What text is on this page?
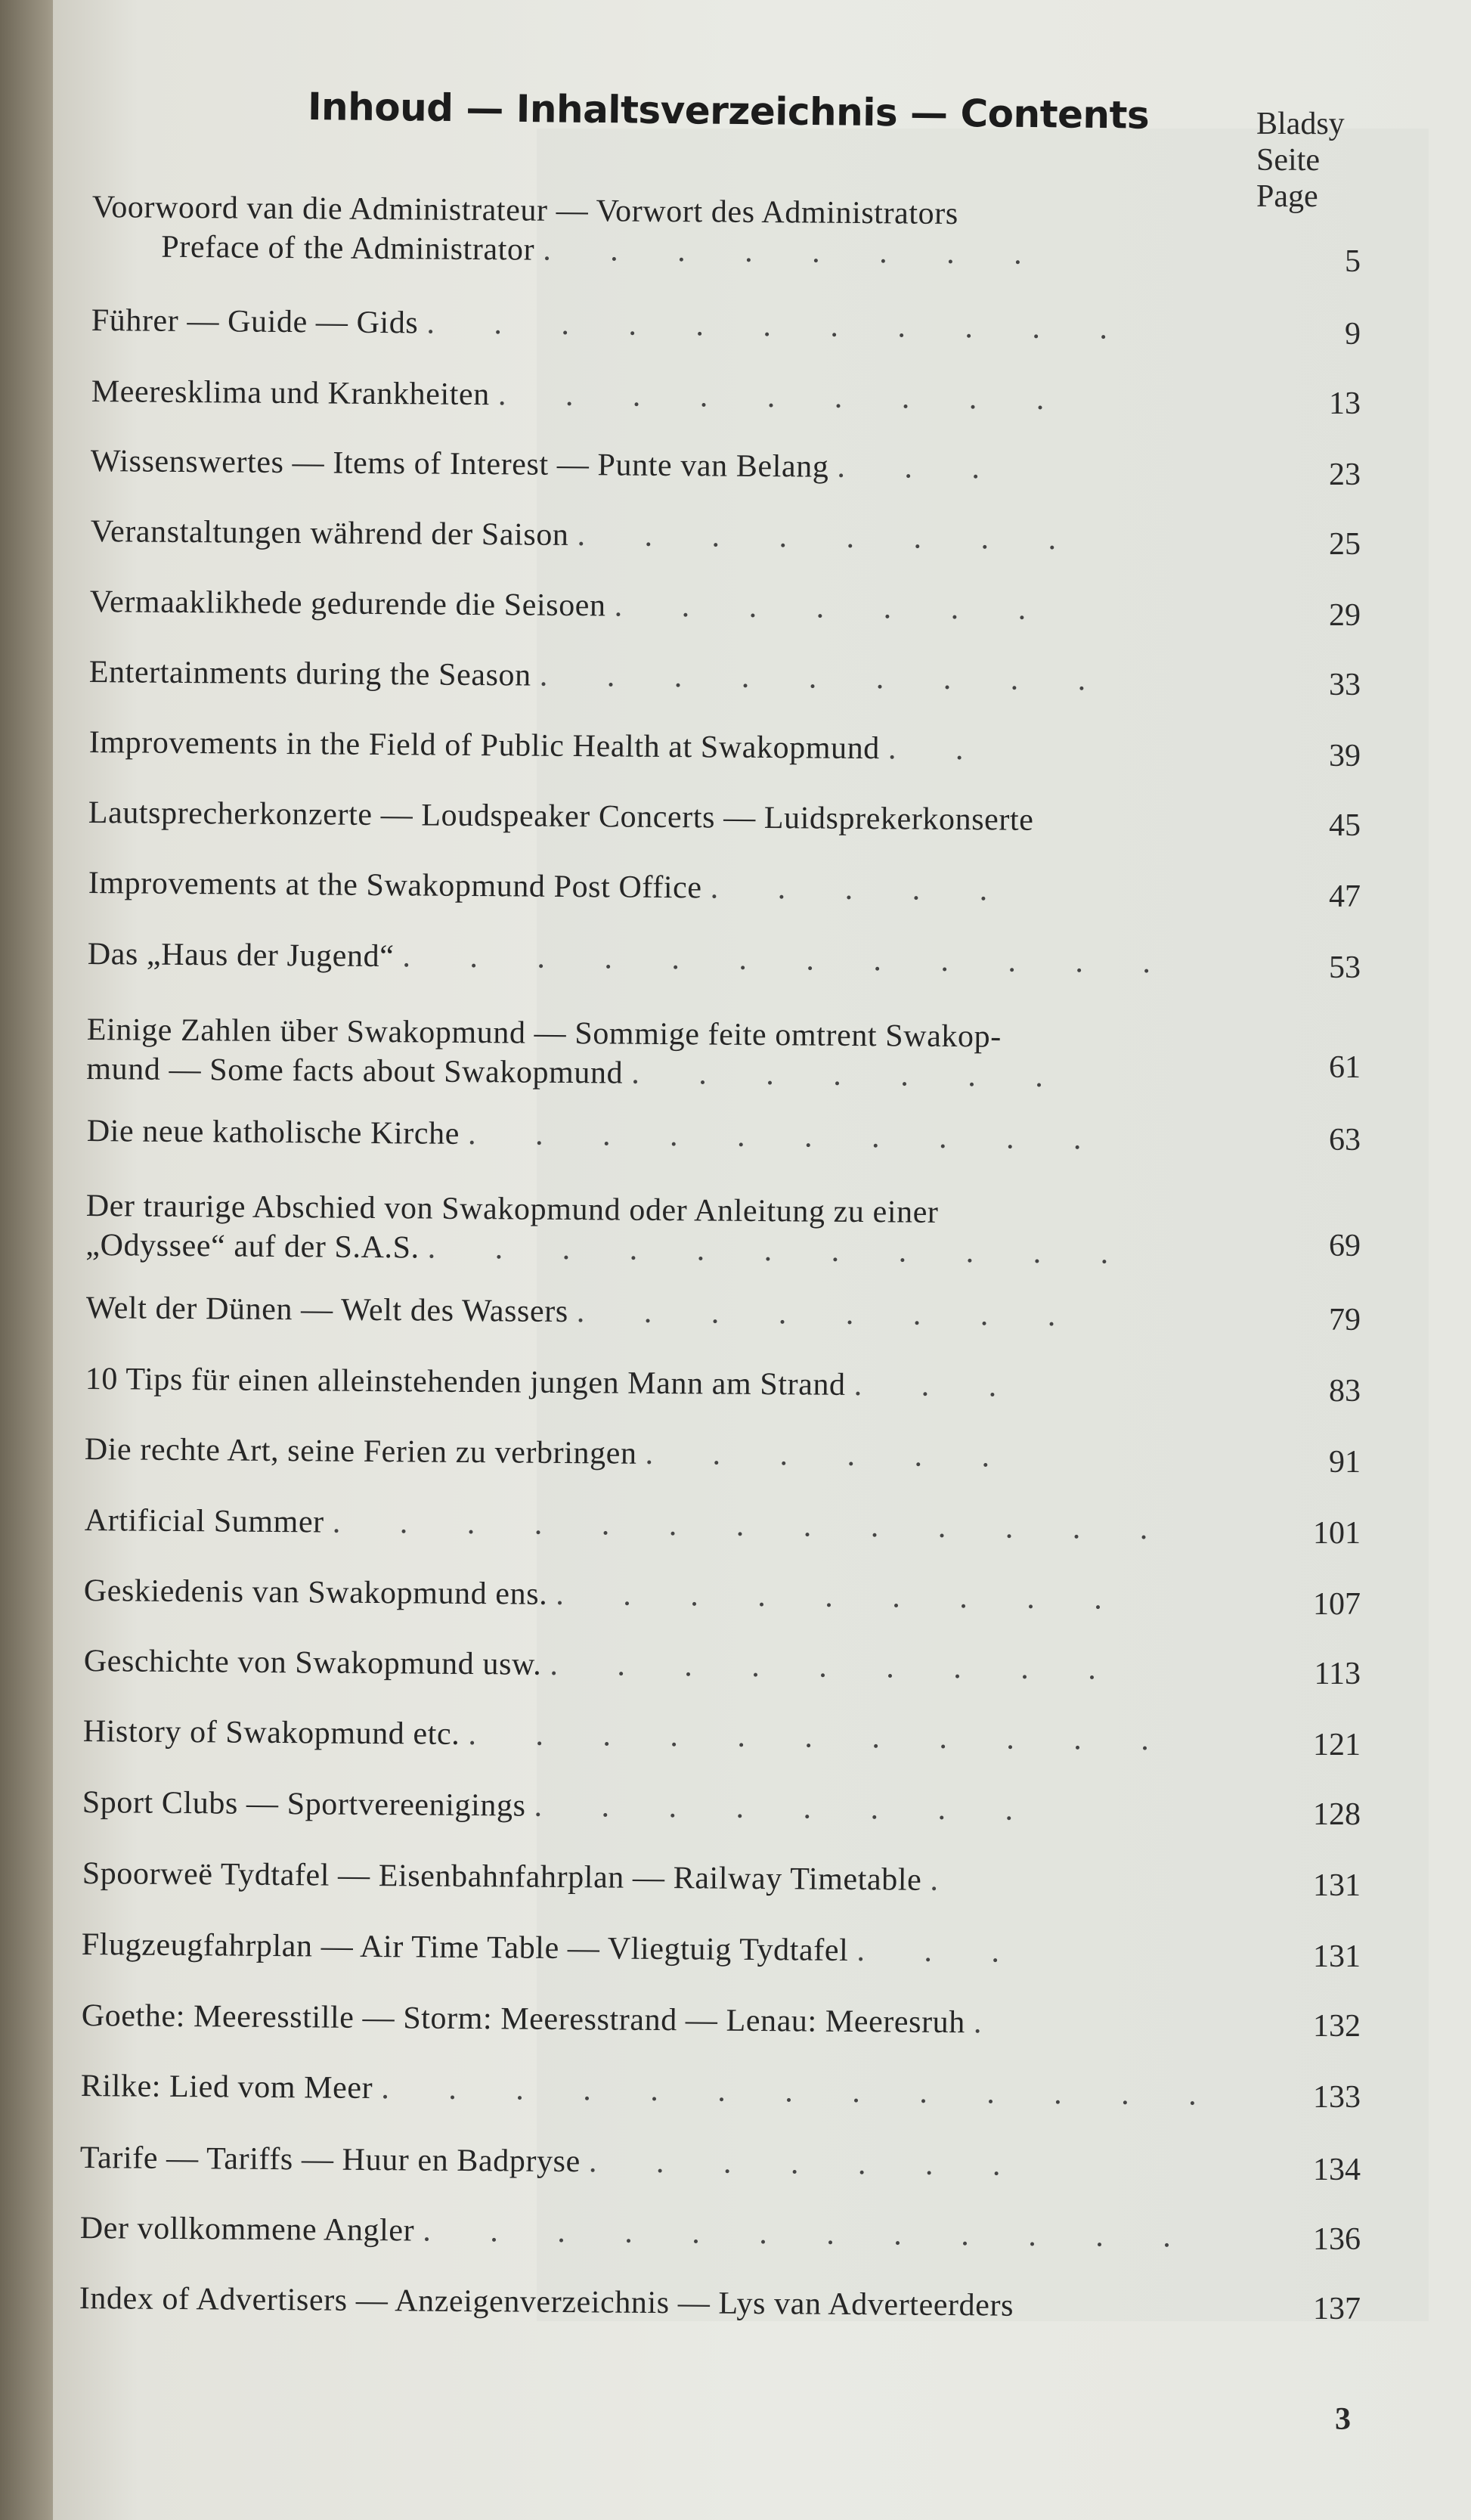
Inhoud — Inhaltsverzeichnis — Contents	Bladsy
Seite
Page
Voorwoord van die Administrateur — Vorwort des Administrators
Preface of the Administrator . . . . . . . .	5
Führer — Guide — Gids . . . . . . . . . . .	9
Meeresklima und Krankheiten . . . . . . . . .	13
Wissenswertes — Items of Interest — Punte van Belang . . .	23
Veranstaltungen während der Saison . . . . . . . .	25
Vermaaklikhede gedurende die Seisoen . . . . . . .	29
Entertainments during the Season . . . . . . . . .	33
Improvements in the Field of Public Health at Swakopmund . .	39
Lautsprecherkonzerte — Loudspeaker Concerts — Luidsprekerkonserte	45
Improvements at the Swakopmund Post Office . . . . .	47
Das „Haus der Jugend“ . . . . . . . . . . . .	53
Einige Zahlen über Swakopmund — Sommige feite omtrent Swakop-
mund — Some facts about Swakopmund . . . . . . .	61
Die neue katholische Kirche . . . . . . . . . .	63
Der traurige Abschied von Swakopmund oder Anleitung zu einer
„Odyssee“ auf der S.A.S. . . . . . . . . . . .	69
Welt der Dünen — Welt des Wassers . . . . . . . .	79
10 Tips für einen alleinstehenden jungen Mann am Strand . . .	83
Die rechte Art, seine Ferien zu verbringen . . . . . .	91
Artificial Summer . . . . . . . . . . . . .	101
Geskiedenis van Swakopmund ens. . . . . . . . . .	107
Geschichte von Swakopmund usw. . . . . . . . . .	113
History of Swakopmund etc. . . . . . . . . . . .	121
Sport Clubs — Sportvereenigings . . . . . . . .	128
Spoorweë Tydtafel — Eisenbahnfahrplan — Railway Timetable .	131
Flugzeugfahrplan — Air Time Table — Vliegtuig Tydtafel . . .	131
Goethe: Meeresstille — Storm: Meeresstrand — Lenau: Meeresruh .	132
Rilke: Lied vom Meer . . . . . . . . . . . . .	133
Tarife — Tariffs — Huur en Badpryse . . . . . . .	134
Der vollkommene Angler . . . . . . . . . . . .	136
Index of Advertisers — Anzeigenverzeichnis — Lys van Adverteerders	137
3
